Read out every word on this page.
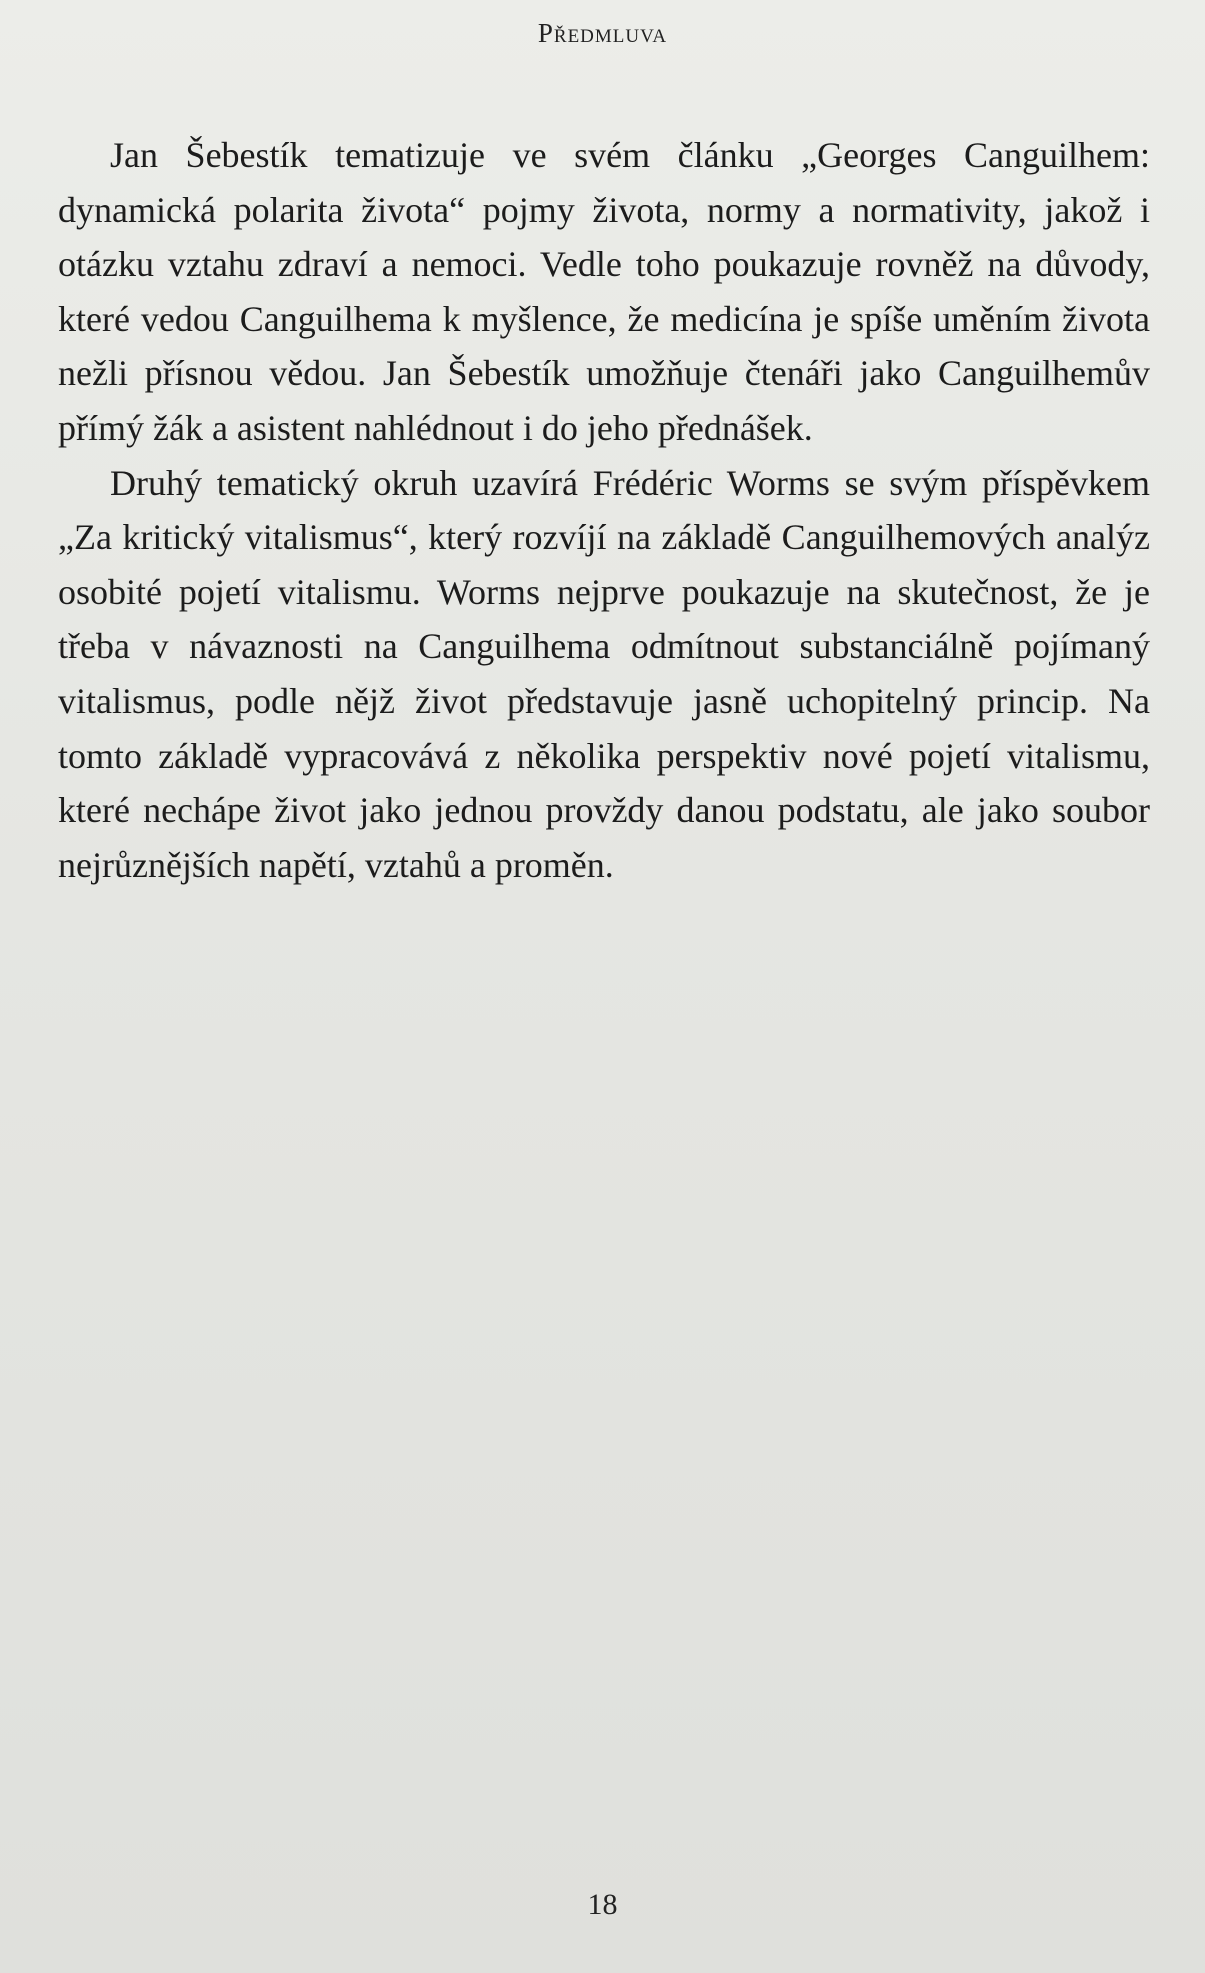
Předmluva

Jan Šebestík tematizuje ve svém článku „Georges Canguilhem: dynamická polarita života“ pojmy života, normy a normativity, jakož i otázku vztahu zdraví a nemoci. Vedle toho poukazuje rovněž na důvody, které vedou Canguilhema k myšlence, že medicína je spíše uměním života nežli přísnou vědou. Jan Šebestík umožňuje čtenáři jako Canguilhemův přímý žák a asistent nahlédnout i do jeho přednášek.

Druhý tematický okruh uzavírá Frédéric Worms se svým příspěvkem „Za kritický vitalismus“, který rozvíjí na základě Canguilhemových analýz osobité pojetí vitalismu. Worms nejprve poukazuje na skutečnost, že je třeba v návaznosti na Canguilhema odmítnout substanciálně pojímaný vitalismus, podle nějž život představuje jasně uchopitelný princip. Na tomto základě vypracovává z několika perspektiv nové pojetí vitalismu, které nechápe život jako jednou provždy danou podstatu, ale jako soubor nejrůznějších napětí, vztahů a proměn.

18
